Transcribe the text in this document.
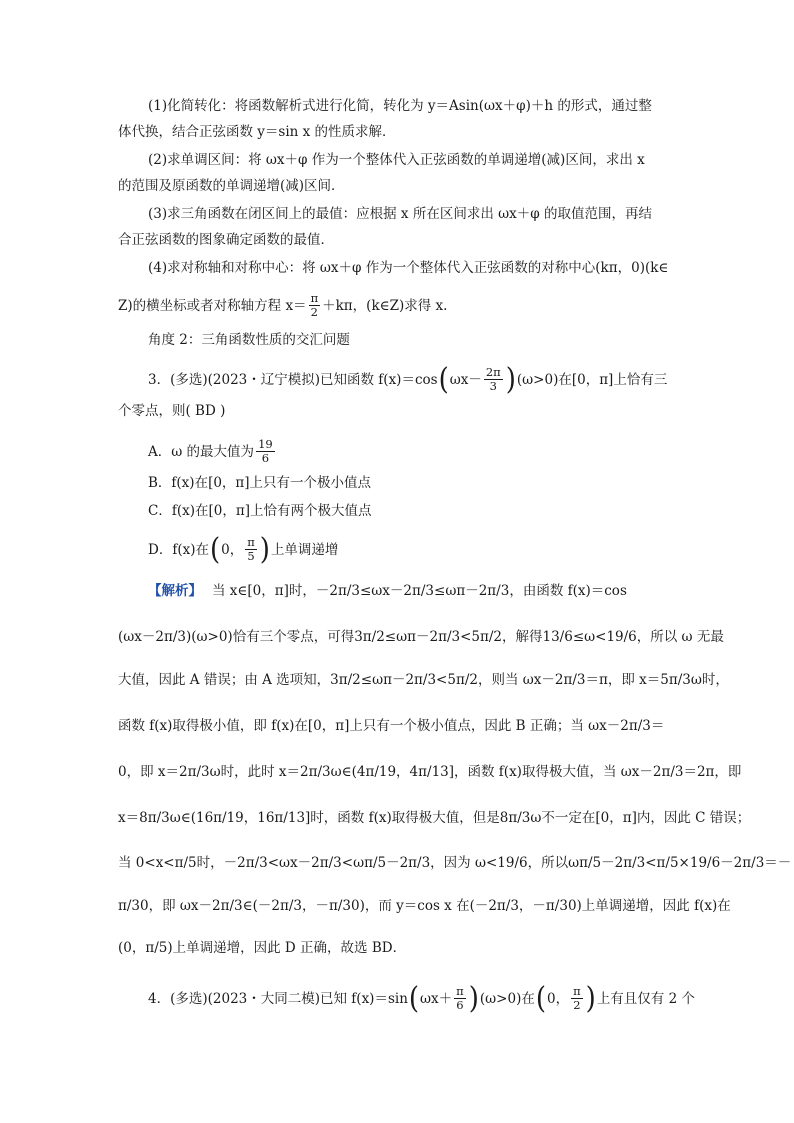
(1)化简转化：将函数解析式进行化简，转化为 y＝Asin(ωx＋φ)＋h 的形式，通过整
体代换，结合正弦函数 y＝sin x 的性质求解．
(2)求单调区间：将 ωx＋φ 作为一个整体代入正弦函数的单调递增(减)区间，求出 x
的范围及原函数的单调递增(减)区间．
(3)求三角函数在闭区间上的最值：应根据 x 所在区间求出 ωx＋φ 的取值范围，再结
合正弦函数的图象确定函数的最值．
(4)求对称轴和对称中心：将 ωx＋φ 作为一个整体代入正弦函数的对称中心(kπ，0)(k∈
Z)的横坐标或者对称轴方程 $x= \frac{\pi}{2} +k\pi$，(k∈Z)求得 x.
角度 2：三角函数性质的交汇问题
3．(多选)(2023・辽宁模拟)已知函数 f(x)＝cos ( $\omega x- \frac{2\pi}{3}$ ) (ω>0)在[0，π]上恰有三
个零点，则( BD )
A．ω 的最大值为 $\frac{19}{6}$
B．f(x)在[0，π]上只有一个极小值点
C．f(x)在[0，π]上恰有两个极大值点
D．f(x)在 ( 0， $\frac{\pi}{5}$ ) 上单调递增
【解析】 当 x∈[0，π]时，－2π/3≤ωx－2π/3≤ωπ－2π/3，由函数 f(x)＝cos
(ωx－2π/3)(ω>0)恰有三个零点，可得3π/2≤ωπ－2π/3<5π/2，解得13/6≤ω<19/6，所以 ω 无最
大值，因此 A 错误；由 A 选项知，3π/2≤ωπ－2π/3<5π/2，则当 ωx－2π/3＝π，即 x＝5π/3ω时，
函数 f(x)取得极小值，即 f(x)在[0，π]上只有一个极小值点，因此 B 正确；当 ωx－2π/3＝
0，即 x＝2π/3ω时，此时 x＝2π/3ω∈(4π/19，4π/13]，函数 f(x)取得极大值，当 ωx－2π/3＝2π，即
x＝8π/3ω∈(16π/19，16π/13]时，函数 f(x)取得极大值，但是8π/3ω不一定在[0，π]内，因此 C 错误；
当 0<x<π/5时，－2π/3<ωx－2π/3<ωπ/5－2π/3，因为 ω<19/6，所以ωπ/5－2π/3<π/5×19/6－2π/3＝－
π/30，即 ωx－2π/3∈(－2π/3，－π/30)，而 y＝cos x 在(－2π/3，－π/30)上单调递增，因此 f(x)在
(0，π/5)上单调递增，因此 D 正确，故选 BD．
4．(多选)(2023・大同二模)已知 f(x)＝sin ( $\omega x+ \frac{\pi}{6}$ ) (ω>0)在 ( 0， $\frac{\pi}{2}$ ) 上有且仅有 2 个
